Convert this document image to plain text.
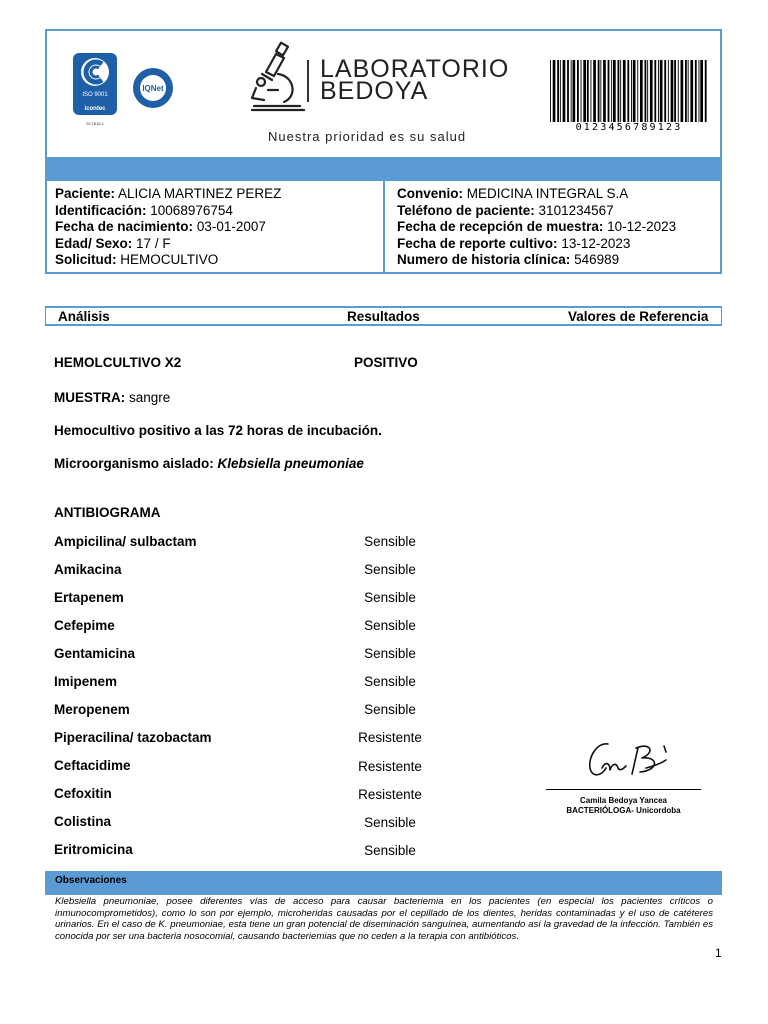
ISO 9001
icontec
SC7818-1
IQNet
LABORATORIO
BEDOYA
Nuestra prioridad es su salud
0123456789123
Paciente: ALICIA MARTINEZ PEREZ
Identificación: 10068976754
Fecha de nacimiento: 03-01-2007
Edad/ Sexo: 17 / F
Solicitud: HEMOCULTIVO
Convenio: MEDICINA INTEGRAL S.A
Teléfono de paciente: 3101234567
Fecha de recepción de muestra: 10-12-2023
Fecha de reporte cultivo: 13-12-2023
Numero de historia clínica: 546989
Análisis	Resultados	Valores de Referencia
HEMOLCULTIVO X2	POSITIVO
MUESTRA: sangre
Hemocultivo positivo a las 72 horas de incubación.
Microorganismo aislado: Klebsiella pneumoniae
ANTIBIOGRAMA
Ampicilina/ sulbactam	Sensible
Amikacina	Sensible
Ertapenem	Sensible
Cefepime	Sensible
Gentamicina	Sensible
Imipenem	Sensible
Meropenem	Sensible
Piperacilina/ tazobactam	Resistente
Ceftacidime	Resistente
Cefoxitin	Resistente
Colistina	Sensible
Eritromicina	Sensible
Camila Bedoya Yancea
BACTERIÓLOGA- Unicordoba
Observaciones
Klebsiella pneumoniae, posee diferentes vías de acceso para causar bacteriemia en los pacientes (en especial los pacientes críticos o inmunocomprometidos), como lo son por ejemplo, microheridas causadas por el cepillado de los dientes, heridas contaminadas y el uso de catéteres urinarios. En el caso de K. pneumoniae, esta tiene un gran potencial de diseminación sanguínea, aumentando así la gravedad de la infección. También es conocida por ser una bacteria nosocomial, causando bacteriemias que no ceden a la terapia con antibióticos.
1
